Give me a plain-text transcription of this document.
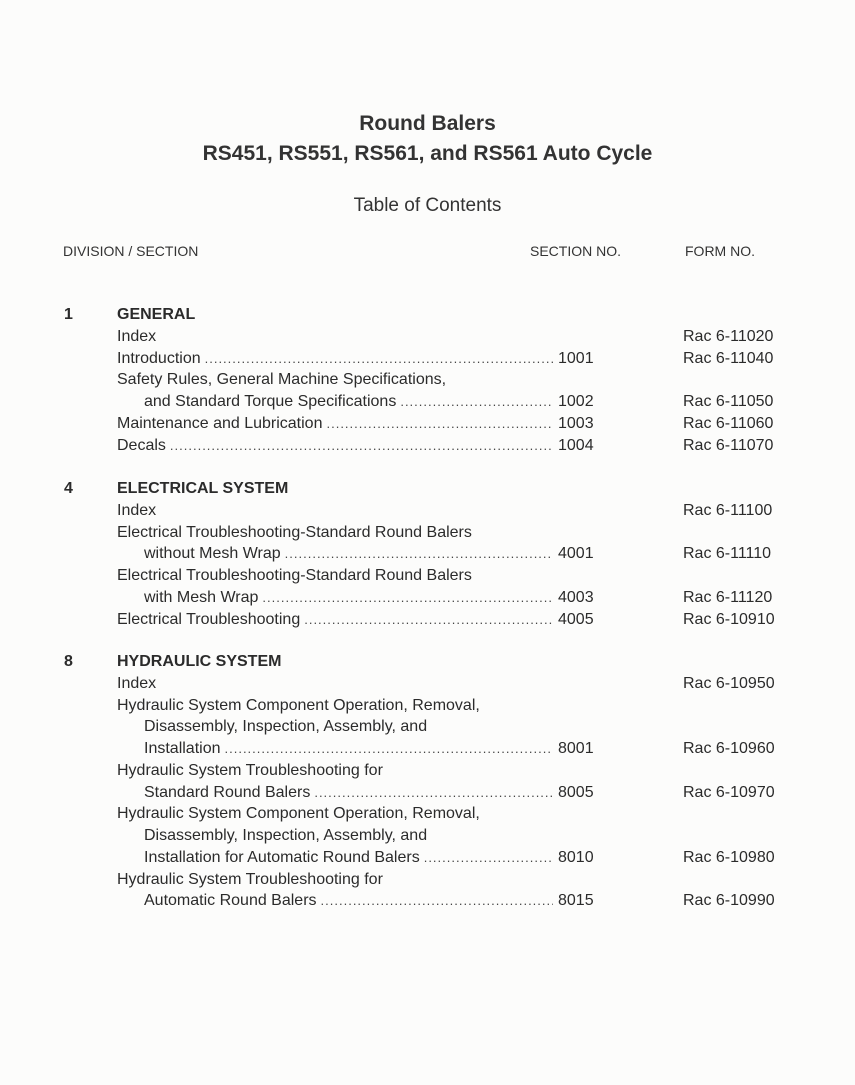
Round Balers
RS451, RS551, RS561, and RS561 Auto Cycle
Table of Contents
DIVISION / SECTION	SECTION NO.	FORM NO.
1	GENERAL
Index	Rac 6-11020
Introduction	1001	Rac 6-11040
.....
Safety Rules, General Machine Specifications,
and Standard Torque Specifications	1002	Rac 6-11050
.....
Maintenance and Lubrication	1003	Rac 6-11060
.....
Decals	1004	Rac 6-11070
.....
4	ELECTRICAL SYSTEM
Index	Rac 6-11100
Electrical Troubleshooting-Standard Round Balers
without Mesh Wrap	4001	Rac 6-11110
.....
Electrical Troubleshooting-Standard Round Balers
with Mesh Wrap	4003	Rac 6-11120
.....
Electrical Troubleshooting	4005	Rac 6-10910
.....
8	HYDRAULIC SYSTEM
Index	Rac 6-10950
Hydraulic System Component Operation, Removal,
Disassembly, Inspection, Assembly, and
Installation	8001	Rac 6-10960
.....
Hydraulic System Troubleshooting for
Standard Round Balers	8005	Rac 6-10970
.....
Hydraulic System Component Operation, Removal,
Disassembly, Inspection, Assembly, and
Installation for Automatic Round Balers	8010	Rac 6-10980
.....
Hydraulic System Troubleshooting for
Automatic Round Balers	8015	Rac 6-10990
.....
